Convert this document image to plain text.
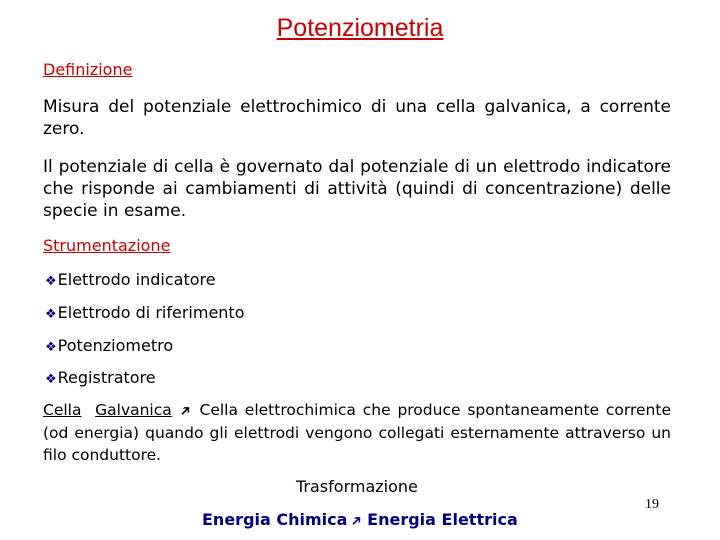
Potenziometria
Definizione
Misura del potenziale elettrochimico di una cella galvanica, a corrente zero.
Il potenziale di cella è governato dal potenziale di un elettrodo indicatore che risponde ai cambiamenti di attività (quindi di concentrazione) delle specie in esame.
Strumentazione
❖Elettrodo indicatore
❖Elettrodo di riferimento
❖Potenziometro
❖Registratore
Cella Galvanica ➔ Cella elettrochimica che produce spontaneamente corrente (od energia) quando gli elettrodi vengono collegati esternamente attraverso un filo conduttore.
Trasformazione
Energia Chimica➔Energia Elettrica
19
